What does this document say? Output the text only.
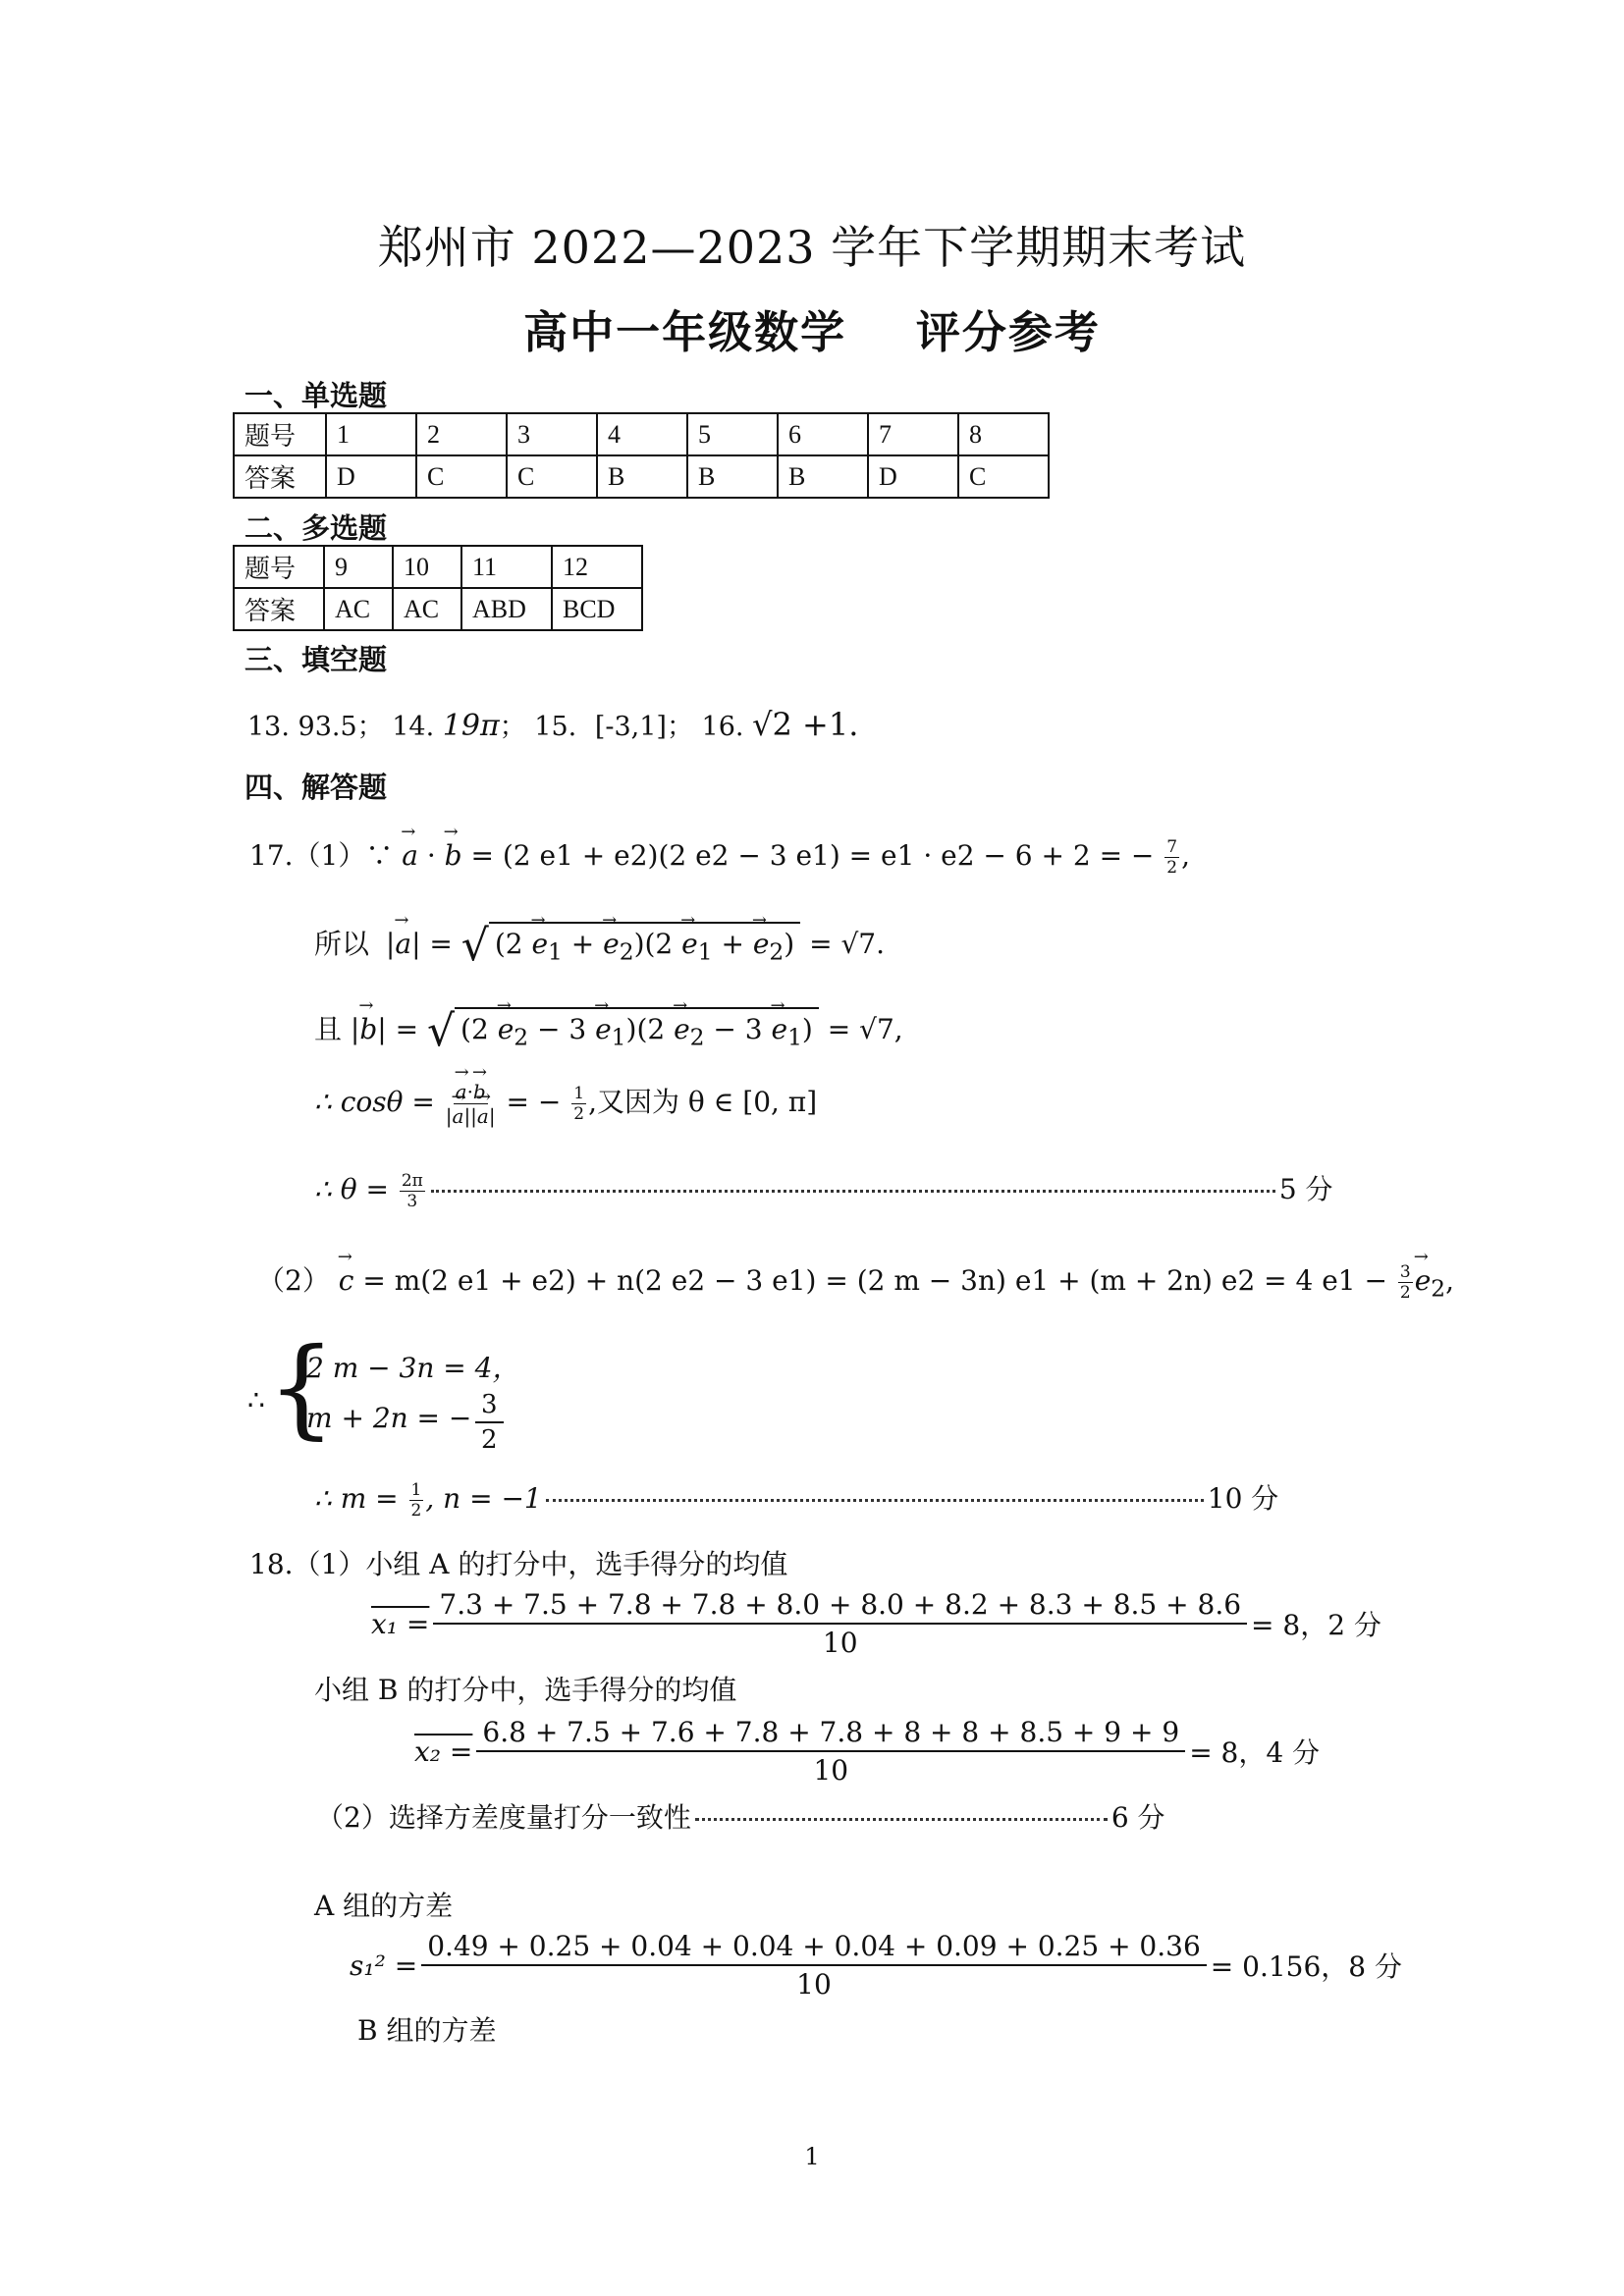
郑州市 2022—2023 学年下学期期末考试
高中一年级数学    评分参考
一、单选题
题号	1	2	3	4	5	6	7	8
答案	D	C	C	B	B	B	D	C
二、多选题
题号	9	10	11	12
答案	AC	AC	ABD	BCD
三、填空题
13. 93.5； 14. 19π； 15. [-3,1]； 16. √2 +1.
四、解答题
17.（1）∵ → a · → b = (2 e1 + e2)(2 e2 − 3 e1) = e1 · e2 − 6 + 2 = − $\frac{7}{2}$ ,
所以 |→ a| = √ ($2 \to e_1$ + → $e_2)(2 \to e_1$ + → $e_2) = √7$.
且 |→ b| = √ $(2 \to e_2 - 3 \to e_1)(2 \to e_2 - 3 \to e_1) = √7$,
∴ cosθ = → $\frac{a\cdot\to b}{|\to a||\to a|}$ = − $\frac{1}{2}$ ,又因为 θ ∈ [0, π]
∴ $\theta = \frac{2\pi}{3}$	5 分
（2） → c = m(2 e1 + e2) + n(2 e2 − 3 e1) = (2 m − 3n) e1 + (m + 2n) e2 = 4 $e1 - \frac{3}{2} \to e_2$,
∴ {
2 m − 3n = 4，
m + 2n = − $\frac{3}{2}$
∴ $m = \frac{1}{2}$ , n = −1	10 分
18.（1）小组 A 的打分中，选手得分的均值
$x_1 = \frac{7.3 + 7.5 + 7.8 + 7.8 + 8.0 + 8.0 + 8.2 + 8.3 + 8.5 + 8.6}{10} = 8$，2 分
小组 B 的打分中，选手得分的均值
$x_2 = \frac{6.8 + 7.5 + 7.6 + 7.8 + 7.8 + 8 + 8 + 8.5 + 9 + 9}{10} = 8$，4 分
（2）选择方差度量打分一致性	6 分
A 组的方差
$s_1^2 = \frac{0.49 + 0.25 + 0.04 + 0.04 + 0.04 + 0.09 + 0.25 + 0.36}{10} = 0.156$，8 分
B 组的方差
1
